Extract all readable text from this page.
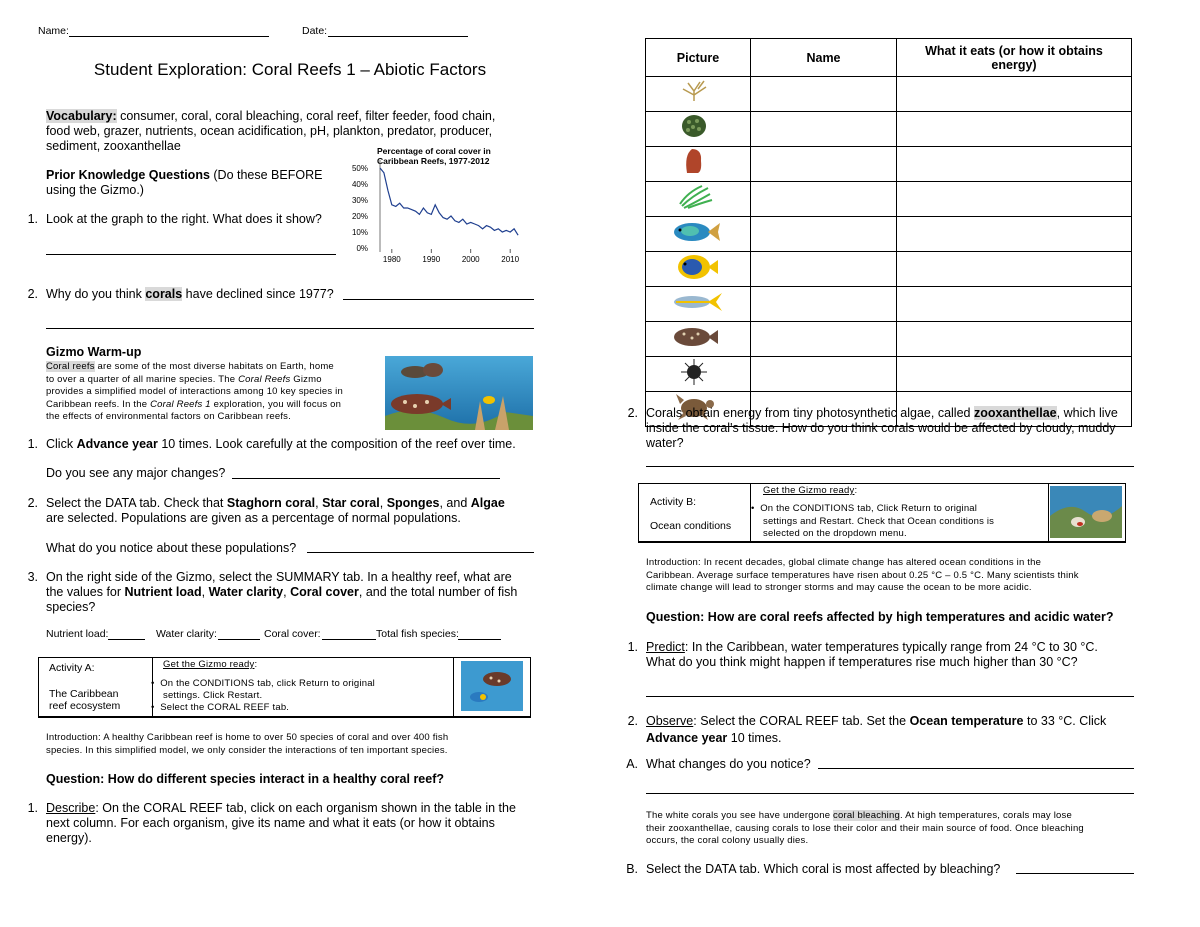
Name:	Date:
Student Exploration: Coral Reefs 1 – Abiotic Factors
Vocabulary: consumer, coral, coral bleaching, coral reef, filter feeder, food chain,
food web, grazer, nutrients, ocean acidification, pH, plankton, predator, producer,
sediment, zooxanthellae
Prior Knowledge Questions (Do these BEFORE
using the Gizmo.)
1. Look at the graph to the right. What does it show?
Percentage of coral cover in
Caribbean Reefs, 1977-2012
50%
40%
30%
20%
10%
0%
1980	1990	2000	2010
2. Why do you think corals have declined since 1977?
Gizmo Warm-up
Coral reefs are some of the most diverse habitats on Earth, home
to over a quarter of all marine species. The Coral Reefs Gizmo
provides a simplified model of interactions among 10 key species in
Caribbean reefs. In the Coral Reefs 1 exploration, you will focus on
the effects of environmental factors on Caribbean reefs.
1. Click Advance year 10 times. Look carefully at the composition of the reef over time.
Do you see any major changes?
2. Select the DATA tab. Check that Staghorn coral, Star coral, Sponges, and Algae
are selected. Populations are given as a percentage of normal populations.
What do you notice about these populations?
3. On the right side of the Gizmo, select the SUMMARY tab. In a healthy reef, what are
the values for Nutrient load, Water clarity, Coral cover, and the total number of fish
species?
Nutrient load:	Water clarity:	Coral cover:	Total fish species:
Activity A:
The Caribbean
reef ecosystem
Get the Gizmo ready:
•  On the CONDITIONS tab, click Return to original
settings. Click Restart.
•  Select the CORAL REEF tab.
Introduction: A healthy Caribbean reef is home to over 50 species of coral and over 400 fish
species. In this simplified model, we only consider the interactions of ten important species.
Question: How do different species interact in a healthy coral reef?
1. Describe: On the CORAL REEF tab, click on each organism shown in the table in the
next column. For each organism, give its name and what it eats (or how it obtains
energy).
Picture	Name	What it eats (or how it obtains
energy)

2. Corals obtain energy from tiny photosynthetic algae, called zooxanthellae, which live
inside the coral's tissue. How do you think corals would be affected by cloudy, muddy
water?
Activity B:
Ocean conditions
Get the Gizmo ready:
•  On the CONDITIONS tab, Click Return to original
settings and Restart. Check that Ocean conditions is
selected on the dropdown menu.
Introduction: In recent decades, global climate change has altered ocean conditions in the
Caribbean. Average surface temperatures have risen about 0.25 °C – 0.5 °C. Many scientists think
climate change will lead to stronger storms and may cause the ocean to be more acidic.
Question: How are coral reefs affected by high temperatures and acidic water?
1. Predict: In the Caribbean, water temperatures typically range from 24 °C to 30 °C.
What do you think might happen if temperatures rise much higher than 30 °C?
2. Observe: Select the CORAL REEF tab. Set the Ocean temperature to 33 °C. Click
Advance year 10 times.
A. What changes do you notice?
The white corals you see have undergone coral bleaching. At high temperatures, corals may lose
their zooxanthellae, causing corals to lose their color and their main source of food. Once bleaching
occurs, the coral colony usually dies.
B. Select the DATA tab. Which coral is most affected by bleaching?
